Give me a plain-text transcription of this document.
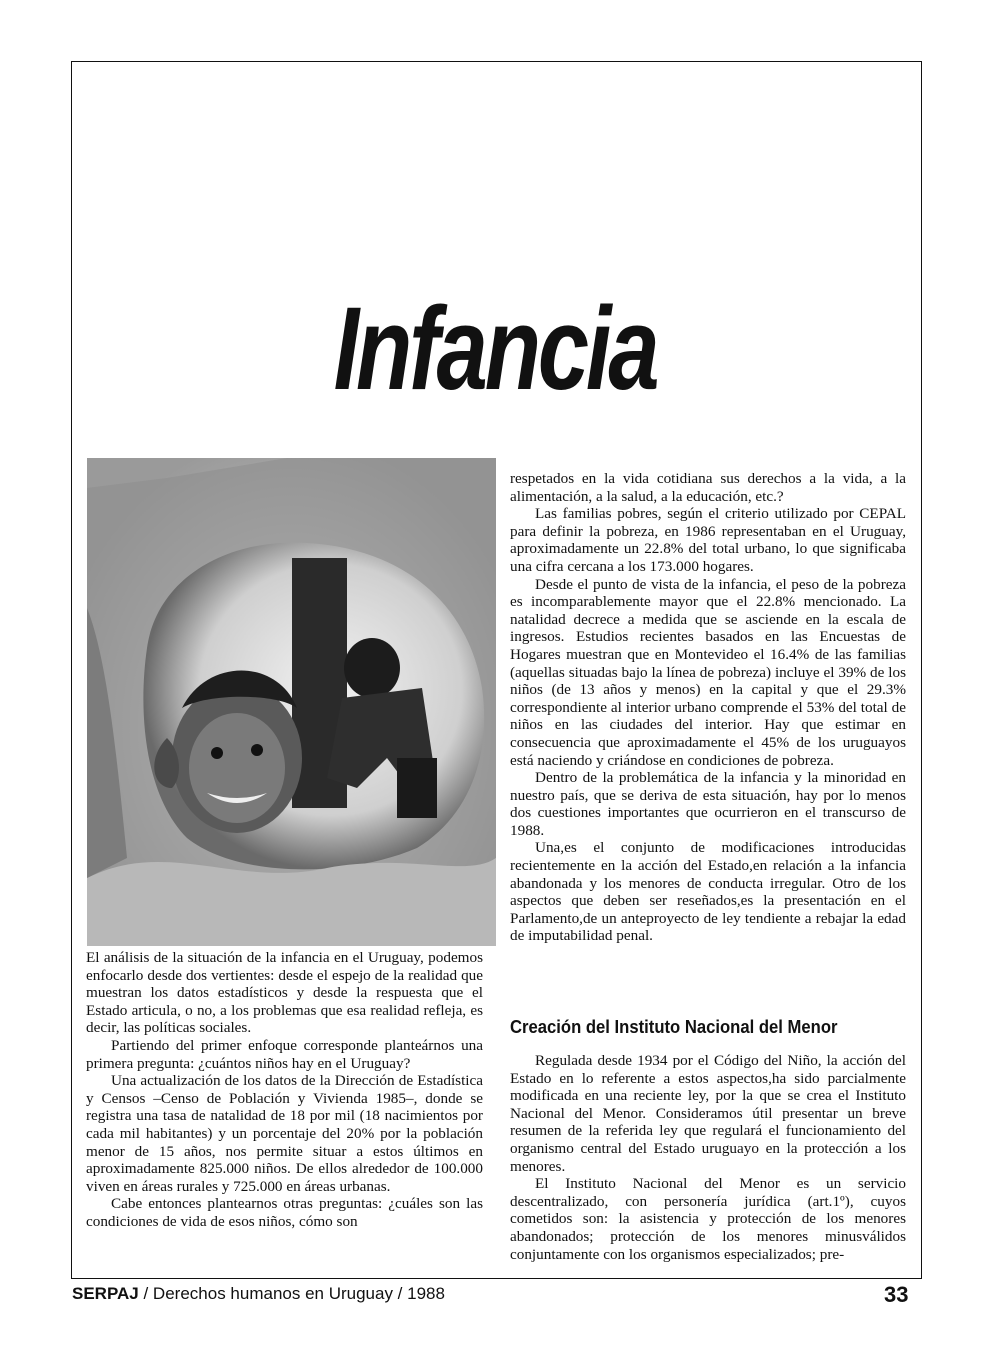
Infancia

El análisis de la situación de la infancia en el Uruguay, podemos enfocarlo desde dos vertientes: desde el espejo de la realidad que muestran los datos estadísticos y desde la respuesta que el Estado articula, o no, a los problemas que esa realidad refleja, es decir, las políticas sociales.

Partiendo del primer enfoque corresponde planteárnos una primera pregunta: ¿cuántos niños hay en el Uruguay?

Una actualización de los datos de la Dirección de Estadística y Censos –Censo de Población y Vivienda 1985–, donde se registra una tasa de natalidad de 18 por mil (18 nacimientos por cada mil habitantes) y un porcentaje del 20% por la población menor de 15 años, nos permite situar a estos últimos en aproximadamente 825.000 niños. De ellos alrededor de 100.000 viven en áreas rurales y 725.000 en áreas urbanas.

Cabe entonces plantearnos otras preguntas: ¿cuáles son las condiciones de vida de esos niños, cómo son

respetados en la vida cotidiana sus derechos a la vida, a la alimentación, a la salud, a la educación, etc.?

Las familias pobres, según el criterio utilizado por CEPAL para definir la pobreza, en 1986 representaban en el Uruguay, aproximadamente un 22.8% del total urbano, lo que significaba una cifra cercana a los 173.000 hogares.

Desde el punto de vista de la infancia, el peso de la pobreza es incomparablemente mayor que el 22.8% mencionado. La natalidad decrece a medida que se asciende en la escala de ingresos. Estudios recientes basados en las Encuestas de Hogares muestran que en Montevideo el 16.4% de las familias (aquellas situadas bajo la línea de pobreza) incluye el 39% de los niños (de 13 años y menos) en la capital y que el 29.3% correspondiente al interior urbano comprende el 53% del total de niños en las ciudades del interior. Hay que estimar en consecuencia que aproximadamente el 45% de los uruguayos está naciendo y criándose en condiciones de pobreza.

Dentro de la problemática de la infancia y la minoridad en nuestro país, que se deriva de esta situación, hay por lo menos dos cuestiones importantes que ocurrieron en el transcurso de 1988.

Una,es el conjunto de modificaciones introducidas recientemente en la acción del Estado,en relación a la infancia abandonada y los menores de conducta irregular. Otro de los aspectos que deben ser reseñados,es la presentación en el Parlamento,de un anteproyecto de ley tendiente a rebajar la edad de imputabilidad penal.

Creación del Instituto Nacional del Menor

Regulada desde 1934 por el Código del Niño, la acción del Estado en lo referente a estos aspectos,ha sido parcialmente modificada en una reciente ley, por la que se crea el Instituto Nacional del Menor. Consideramos útil presentar un breve resumen de la referida ley que regulará el funcionamiento del organismo central del Estado uruguayo en la protección a los menores.

El Instituto Nacional del Menor es un servicio descentralizado, con personería jurídica (art.1º), cuyos cometidos son: la asistencia y protección de los menores abandonados; protección de los menores minusválidos conjuntamente con los organismos especializados; pre-

SERPAJ / Derechos humanos en Uruguay / 1988	33
